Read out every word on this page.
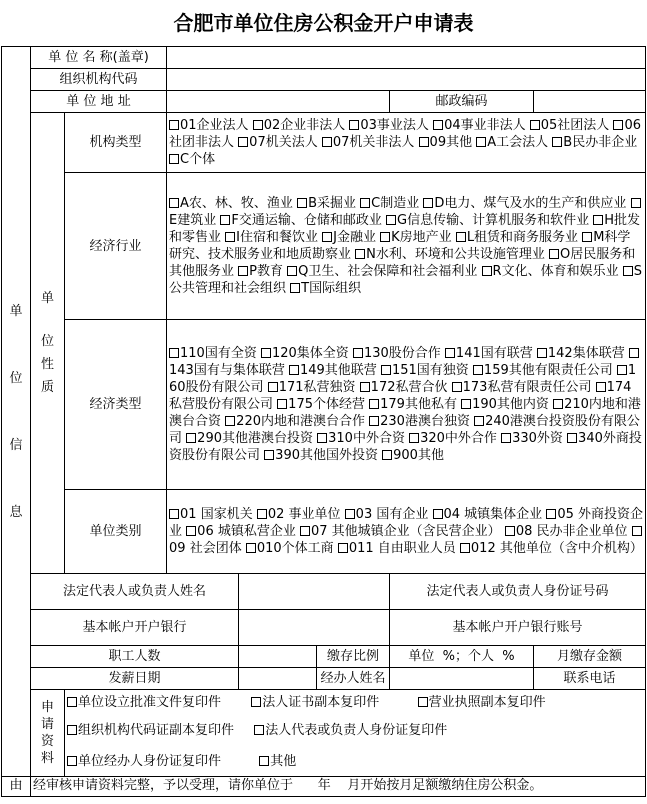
合肥市单位住房公积金开户申请表
单
位
信
息	单 位 名 称(盖章)						
	组织机构代码						
	单 位 地 址					邮政编码	

	单
位
性
质	机构类型	01企业法人 02企业非法人 03事业法人 04事业非法人 05社团法人 06社团非法人 07机关法人 07机关非法人 09其他 A工会法人 B民办非企业 C个体				
		经济行业	A农、林、牧、渔业 B采掘业 C制造业 D电力、煤气及水的生产和供应业 E建筑业 F交通运输、仓储和邮政业 G信息传输、计算机服务和软件业 H批发和零售业 I住宿和餐饮业 J金融业 K房地产业 L租赁和商务服务业 M科学研究、技术服务业和地质勘察业 N水利、环境和公共设施管理业 O居民服务和其他服务业 P教育 Q卫生、社会保障和社会福利业 R文化、体育和娱乐业 S公共管理和社会组织 T国际组织				
		经济类型	110国有全资 120集体全资 130股份合作 141国有联营 142集体联营 143国有与集体联营 149其他联营 151国有独资 159其他有限责任公司 160股份有限公司 171私营独资 172私营合伙 173私营有限责任公司 174私营股份有限公司 175个体经营 179其他私有 190其他内资 210内地和港澳台合资 220内地和港澳台合作 230港澳台独资 240港澳台投资股份有限公司 290其他港澳台投资 310中外合资 320中外合作 330外资 340外商投资股份有限公司 390其他国外投资 900其他				
		单位类别	01 国家机关 02 事业单位 03 国有企业 04 城镇集体企业 05 外商投资企业 06 城镇私营企业 07 其他城镇企业（含民营企业） 08 民办非企业单位 09 社会团体 010个体工商 011 自由职业人员 012 其他单位（含中介机构）				
	法定代表人或负责人姓名					法定代表人或负责人身份证号码	
	基本帐户开户银行					基本帐户开户银行账号	
	职工人数				缴存比例	单位  %；个人  %	月缴存金额
	发薪日期				经办人姓名		联系电话

	申
请
资
料	单位设立批准文件复印件 法人证书副本复印件 营业执照副本复印件					
		组织机构代码证副本复印件 法人代表或负责人身份证复印件					
		单位经办人身份证复印件 其他					
由	经审核申请资料完整，予以受理，请你单位于      年    月开始按月足额缴纳住房公积金。						
